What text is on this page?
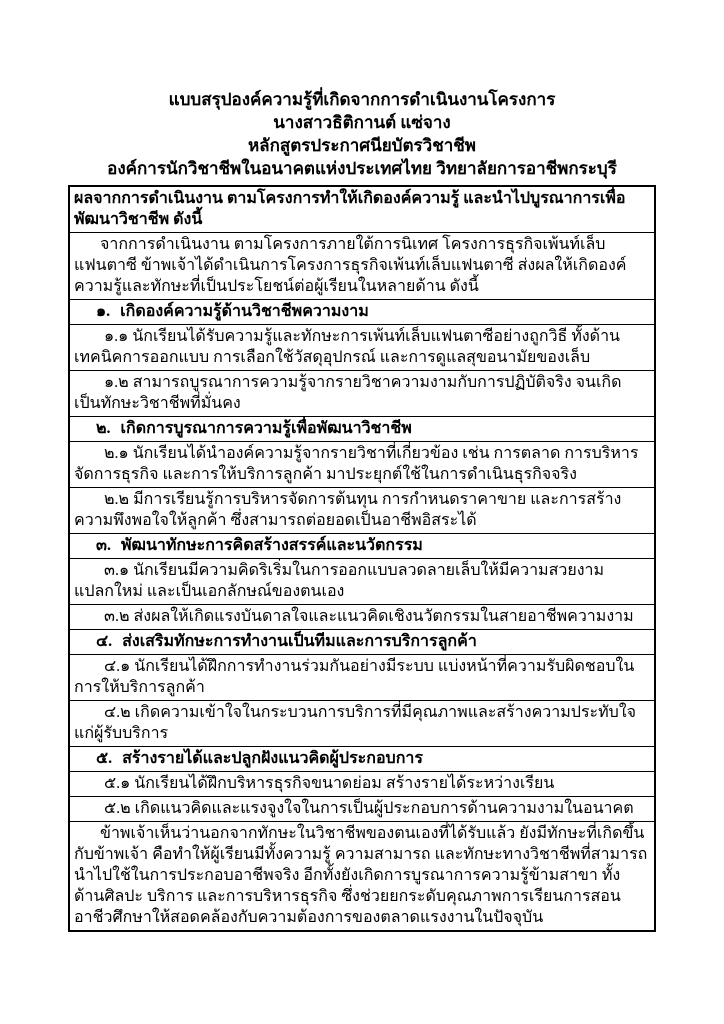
แบบสรุปองค์ความรู้ที่เกิดจากการดำเนินงานโครงการ
นางสาวธิติกานต์ แซ่จาง
หลักสูตรประกาศนียบัตรวิชาชีพ
องค์การนักวิชาชีพในอนาคตแห่งประเทศไทย วิทยาลัยการอาชีพกระบุรี
ผลจากการดำเนินงาน ตามโครงการทำให้เกิดองค์ความรู้ และนำไปบูรณาการเพื่อพัฒนาวิชาชีพ ดังนี้
จากการดำเนินงาน ตามโครงการภายใต้การนิเทศ โครงการธุรกิจเพ้นท์เล็บแฟนตาซี ข้าพเจ้าได้ดำเนินการโครงการธุรกิจเพ้นท์เล็บแฟนตาซี ส่งผลให้เกิดองค์ความรู้และทักษะที่เป็นประโยชน์ต่อผู้เรียนในหลายด้าน ดังนี้
๑. เกิดองค์ความรู้ด้านวิชาชีพความงาม
๑.๑ นักเรียนได้รับความรู้และทักษะการเพ้นท์เล็บแฟนตาซีอย่างถูกวิธี ทั้งด้านเทคนิคการออกแบบ การเลือกใช้วัสดุอุปกรณ์ และการดูแลสุขอนามัยของเล็บ
๑.๒ สามารถบูรณาการความรู้จากรายวิชาความงามกับการปฏิบัติจริง จนเกิดเป็นทักษะวิชาชีพที่มั่นคง
๒. เกิดการบูรณาการความรู้เพื่อพัฒนาวิชาชีพ
๒.๑ นักเรียนได้นำองค์ความรู้จากรายวิชาที่เกี่ยวข้อง เช่น การตลาด การบริหารจัดการธุรกิจ และการให้บริการลูกค้า มาประยุกต์ใช้ในการดำเนินธุรกิจจริง
๒.๒ มีการเรียนรู้การบริหารจัดการต้นทุน การกำหนดราคาขาย และการสร้างความพึงพอใจให้ลูกค้า ซึ่งสามารถต่อยอดเป็นอาชีพอิสระได้
๓. พัฒนาทักษะการคิดสร้างสรรค์และนวัตกรรม
๓.๑ นักเรียนมีความคิดริเริ่มในการออกแบบลวดลายเล็บให้มีความสวยงาม แปลกใหม่ และเป็นเอกลักษณ์ของตนเอง
๓.๒ ส่งผลให้เกิดแรงบันดาลใจและแนวคิดเชิงนวัตกรรมในสายอาชีพความงาม
๔. ส่งเสริมทักษะการทำงานเป็นทีมและการบริการลูกค้า
๔.๑ นักเรียนได้ฝึกการทำงานร่วมกันอย่างมีระบบ แบ่งหน้าที่ความรับผิดชอบในการให้บริการลูกค้า
๔.๒ เกิดความเข้าใจในกระบวนการบริการที่มีคุณภาพและสร้างความประทับใจแก่ผู้รับบริการ
๕. สร้างรายได้และปลูกฝังแนวคิดผู้ประกอบการ
๕.๑ นักเรียนได้ฝึกบริหารธุรกิจขนาดย่อม สร้างรายได้ระหว่างเรียน
๕.๒ เกิดแนวคิดและแรงจูงใจในการเป็นผู้ประกอบการด้านความงามในอนาคต
ข้าพเจ้าเห็นว่านอกจากทักษะในวิชาชีพของตนเองที่ได้รับแล้ว ยังมีทักษะที่เกิดขึ้นกับข้าพเจ้า คือทำให้ผู้เรียนมีทั้งความรู้ ความสามารถ และทักษะทางวิชาชีพที่สามารถนำไปใช้ในการประกอบอาชีพจริง อีกทั้งยังเกิดการบูรณาการความรู้ข้ามสาขา ทั้งด้านศิลปะ บริการ และการบริหารธุรกิจ ซึ่งช่วยยกระดับคุณภาพการเรียนการสอนอาชีวศึกษาให้สอดคล้องกับความต้องการของตลาดแรงงานในปัจจุบัน
